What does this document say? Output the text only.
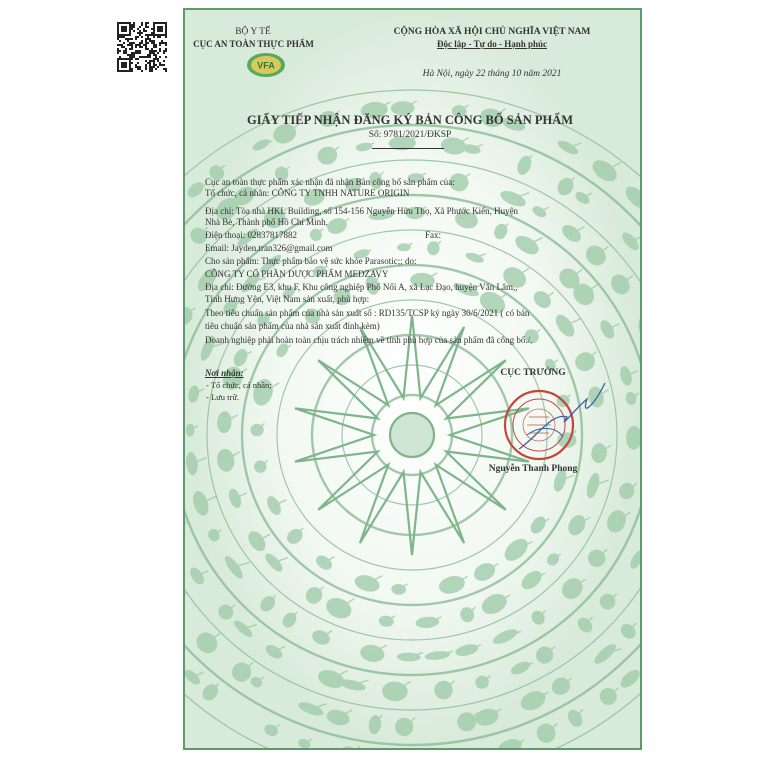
BỘ Y TẾ
CỤC AN TOÀN THỰC PHẨM
VFA
CỘNG HÒA XÃ HỘI CHỦ NGHĨA VIỆT NAM
Độc lập - Tự do - Hạnh phúc
Hà Nội, ngày 22 tháng 10 năm 2021
GIẤY TIẾP NHẬN ĐĂNG KÝ BẢN CÔNG BỐ SẢN PHẨM
Số: 9781/2021/ĐKSP
Cục an toàn thực phẩm xác nhận đã nhận Bản công bố sản phẩm của:
Tổ chức, cá nhân: CÔNG TY TNHH NATURE ORIGIN
Địa chỉ: Tòa nhà HKL Building, số 154-156 Nguyễn Hữu Thọ, Xã Phước Kiển, Huyện
Nhà Bè, Thành phố Hồ Chí Minh,
Điện thoại: 02837817882	Fax:
Email: Jayden.tran326@gmail.com
Cho sản phẩm: Thực phẩm bảo vệ sức khỏe Parasotic;; do:
CÔNG TY CỔ PHẦN DƯỢC PHẨM MEDZAVY
Địa chỉ: Đường E3, khu F, Khu công nghiệp Phố Nối A, xã Lạc Đạo, huyện Văn Lâm,,
Tỉnh Hưng Yên, Việt Nam sản xuất, phù hợp:
Theo tiêu chuẩn sản phẩm của nhà sản xuất số : RD135/TCSP ký ngày 30/6/2021 ( có bản
tiêu chuẩn sản phẩm của nhà sản xuất đính kèm)
Doanh nghiệp phải hoàn toàn chịu trách nhiệm về tính phù hợp của sản phẩm đã công bố./.
Nơi nhận:
- Tổ chức, cá nhân;
- Lưu trữ.
CỤC TRƯỞNG
Nguyễn Thanh Phong
